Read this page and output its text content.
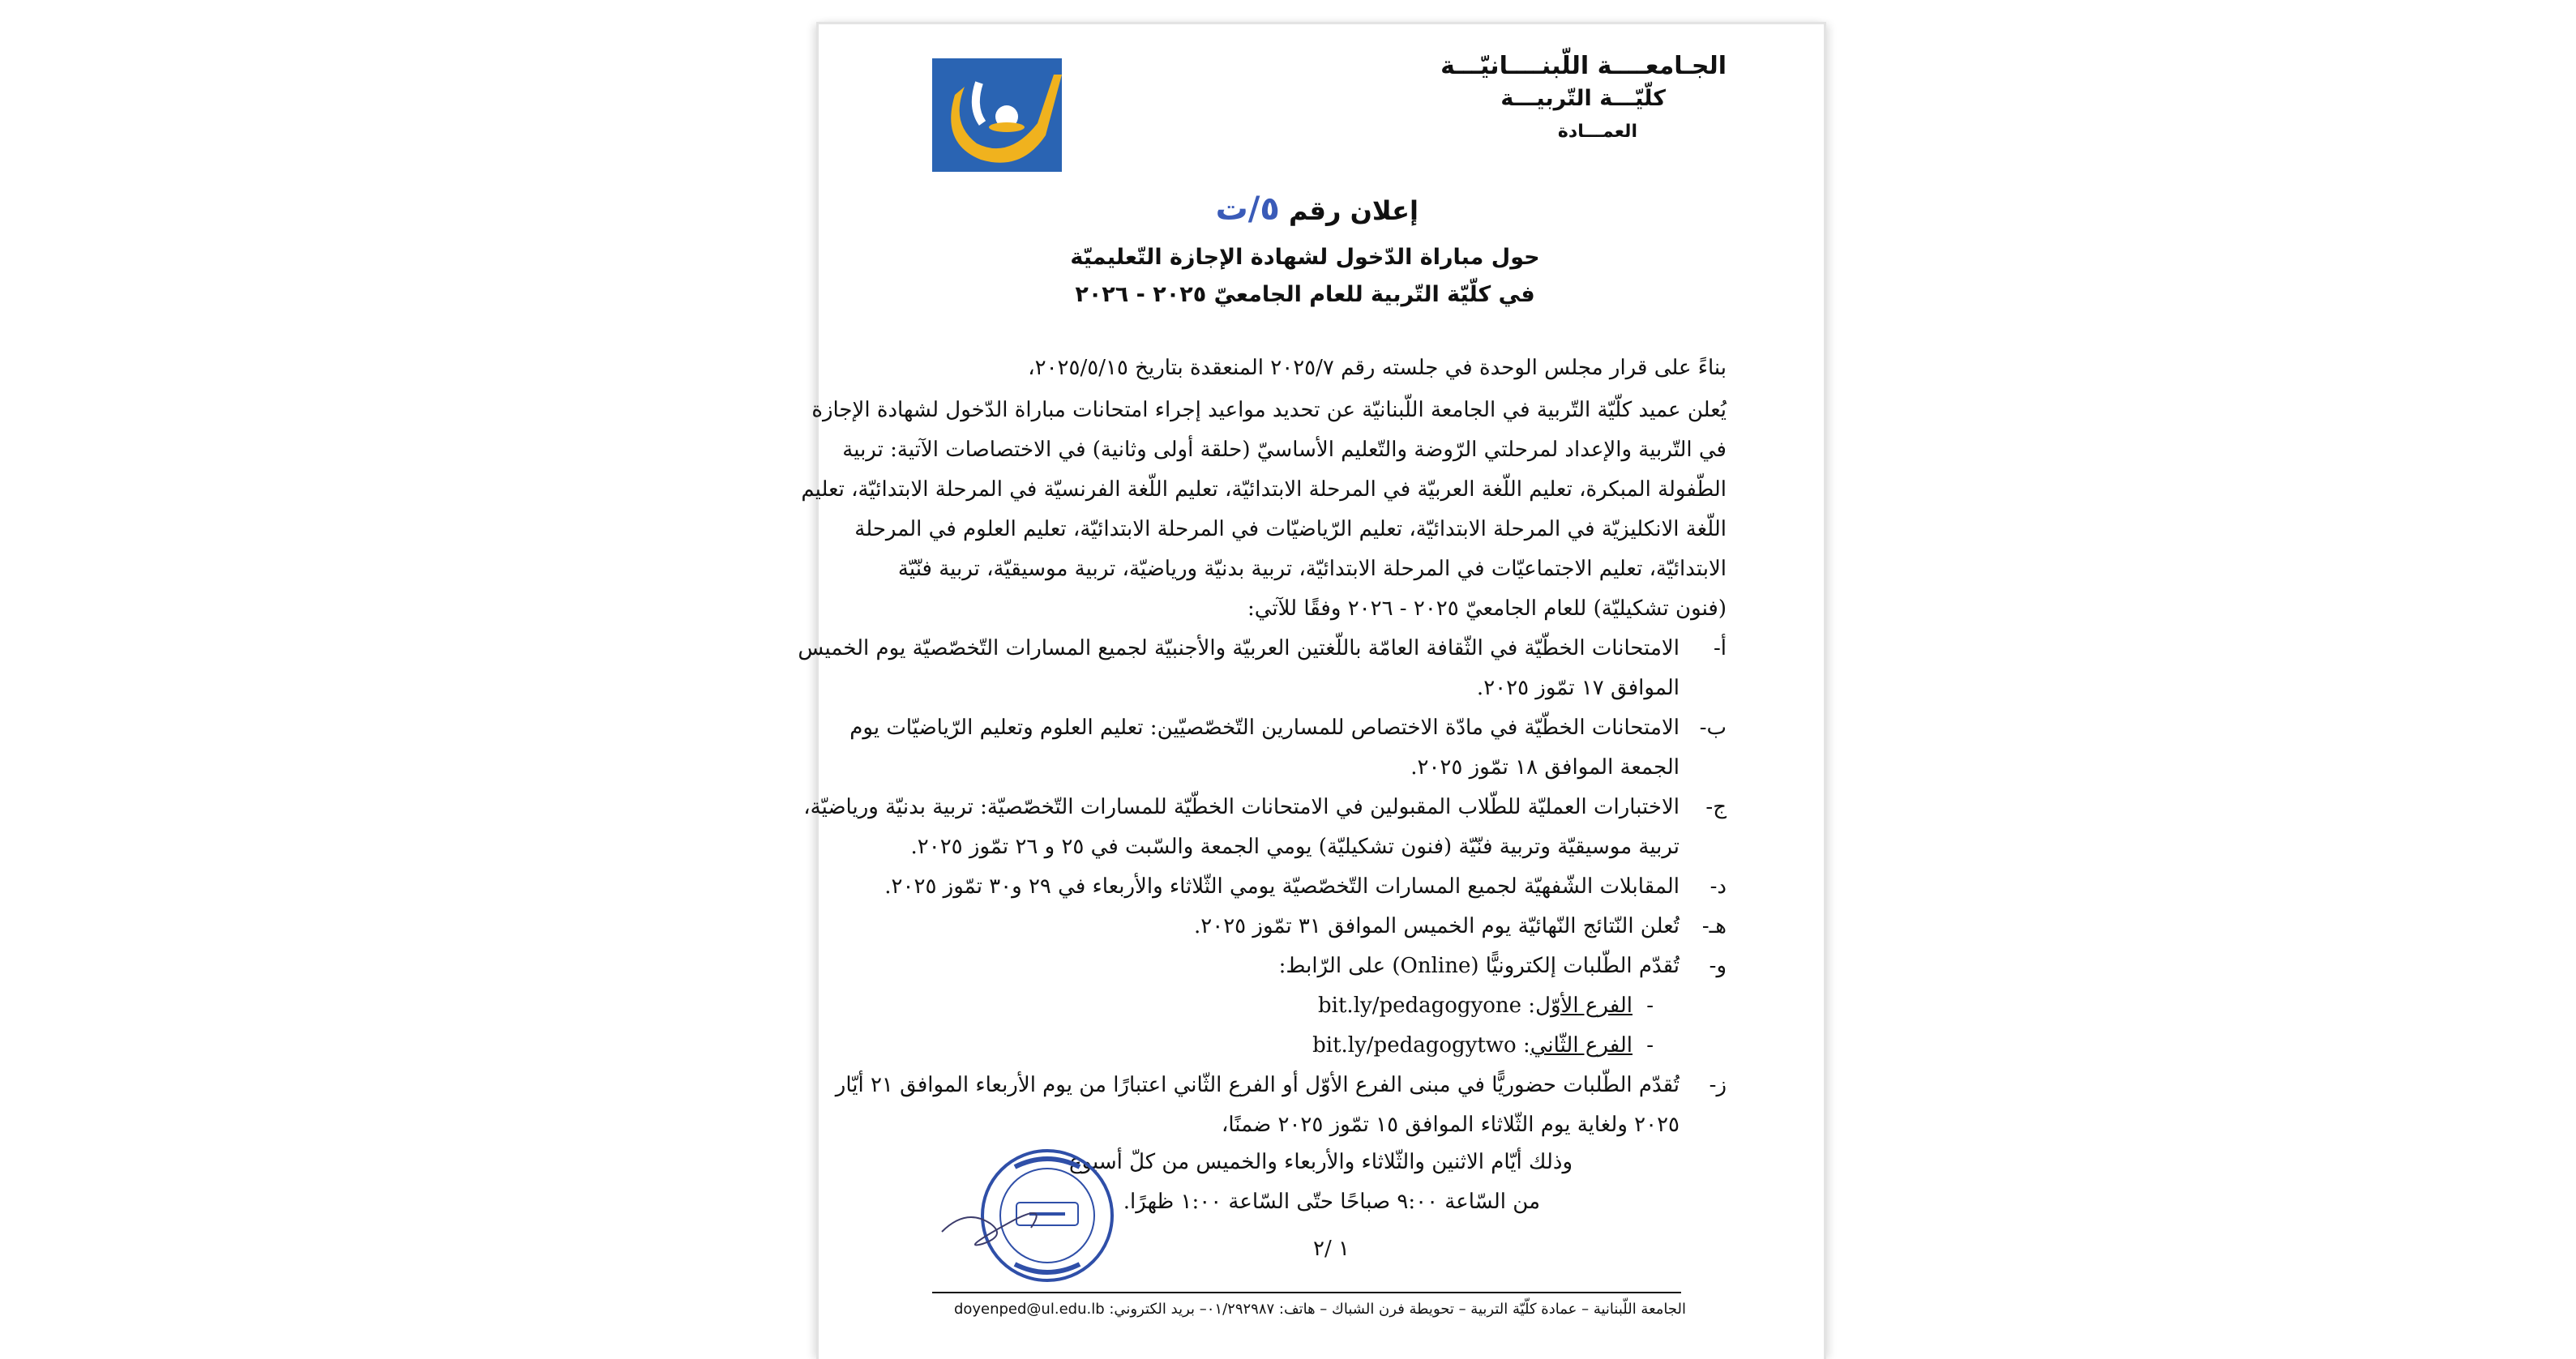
الجـامعــــة اللّبنــــانيّـــة
كلّيّـــة التّربيـــة
العمـــادة
إعلان رقم ٥/ت
حول مباراة الدّخول لشهادة الإجازة التّعليميّة
في كلّيّة التّربية للعام الجامعيّ ٢٠٢٥ - ٢٠٢٦
بناءً على قرار مجلس الوحدة في جلسته رقم ٢٠٢٥/٧ المنعقدة بتاريخ ٢٠٢٥/٥/١٥،
يُعلن عميد كلّيّة التّربية في الجامعة اللّبنانيّة عن تحديد مواعيد إجراء امتحانات مباراة الدّخول لشهادة الإجازة
في التّربية والإعداد لمرحلتي الرّوضة والتّعليم الأساسيّ (حلقة أولى وثانية) في الاختصاصات الآتية: تربية
الطّفولة المبكرة، تعليم اللّغة العربيّة في المرحلة الابتدائيّة، تعليم اللّغة الفرنسيّة في المرحلة الابتدائيّة، تعليم
اللّغة الانكليزيّة في المرحلة الابتدائيّة، تعليم الرّياضيّات في المرحلة الابتدائيّة، تعليم العلوم في المرحلة
الابتدائيّة، تعليم الاجتماعيّات في المرحلة الابتدائيّة، تربية بدنيّة ورياضيّة، تربية موسيقيّة، تربية فنّيّة
(فنون تشكيليّة) للعام الجامعيّ ٢٠٢٥ - ٢٠٢٦ وفقًا للآتي:
أ-
الامتحانات الخطّيّة في الثّقافة العامّة باللّغتين العربيّة والأجنبيّة لجميع المسارات التّخصّصيّة يوم الخميس
الموافق ١٧ تمّوز ٢٠٢٥.
ب-
الامتحانات الخطّيّة في مادّة الاختصاص للمسارين التّخصّصيّين: تعليم العلوم وتعليم الرّياضيّات يوم
الجمعة الموافق ١٨ تمّوز ٢٠٢٥.
ج-
الاختبارات العمليّة للطّلاب المقبولين في الامتحانات الخطّيّة للمسارات التّخصّصيّة: تربية بدنيّة ورياضيّة،
تربية موسيقيّة وتربية فنّيّة (فنون تشكيليّة) يومي الجمعة والسّبت في ٢٥ و ٢٦ تمّوز ٢٠٢٥.
د-
المقابلات الشّفهيّة لجميع المسارات التّخصّصيّة يومي الثّلاثاء والأربعاء في ٢٩ و٣٠ تمّوز ٢٠٢٥.
هـ-
تُعلن النّتائج النّهائيّة يوم الخميس الموافق ٣١ تمّوز ٢٠٢٥.
و-
تُقدّم الطّلبات إلكترونيًّا (Online) على الرّابط:
-
الفرع الأوّل
:
bit.ly/pedagogyone
-
الفرع الثّاني
:
bit.ly/pedagogytwo
ز-
تُقدّم الطّلبات حضوريًّا في مبنى الفرع الأوّل أو الفرع الثّاني اعتبارًا من يوم الأربعاء الموافق ٢١ أيّار
٢٠٢٥ ولغاية يوم الثّلاثاء الموافق ١٥ تمّوز ٢٠٢٥ ضمنًا،
وذلك أيّام الاثنين والثّلاثاء والأربعاء والخميس من كلّ أسبوع
من السّاعة ٩:٠٠ صباحًا حتّى السّاعة ١:٠٠ ظهرًا.
١ /٢
الجامعة اللّبنانية – عمادة كلّيّة التربية – تحويطة فرن الشباك – هاتف: ٠١/٢٩٢٩٨٧– بريد الكتروني: doyenped@ul.edu.lb
